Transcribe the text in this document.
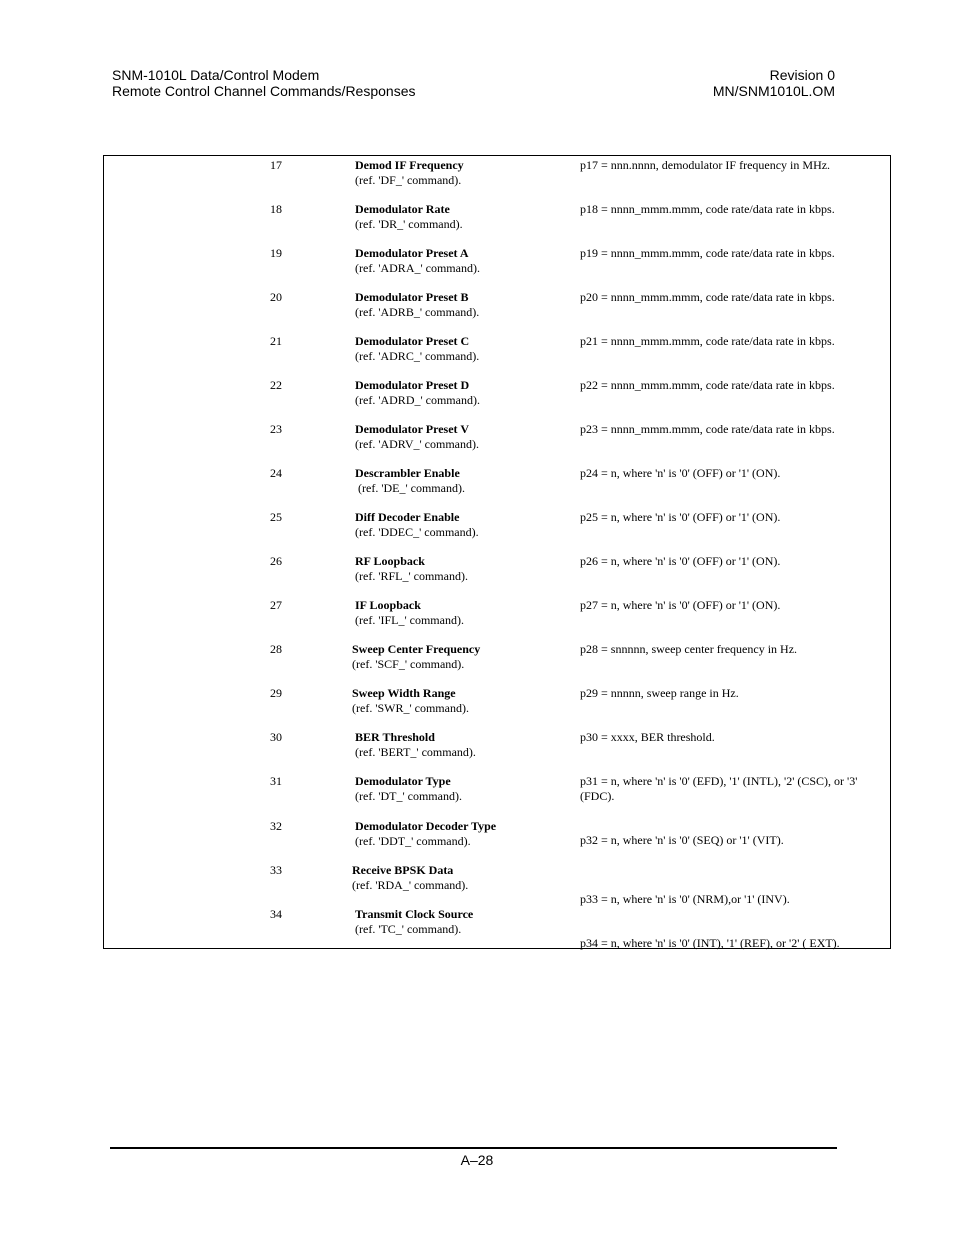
SNM-1010L Data/Control Modem
Remote Control Channel Commands/Responses
Revision 0
MN/SNM1010L.OM
17	Demod IF Frequency
(ref. 'DF_' command).
p17 = nnn.nnnn, demodulator IF frequency in MHz.
18	Demodulator Rate
(ref. 'DR_' command).
p18 = nnnn_mmm.mmm, code rate/data rate in kbps.
19	Demodulator Preset A
(ref. 'ADRA_' command).
p19 = nnnn_mmm.mmm, code rate/data rate in kbps.
20	Demodulator Preset B
(ref. 'ADRB_' command).
p20 = nnnn_mmm.mmm, code rate/data rate in kbps.
21	Demodulator Preset C
(ref. 'ADRC_' command).
p21 = nnnn_mmm.mmm, code rate/data rate in kbps.
22	Demodulator Preset D
(ref. 'ADRD_' command).
p22 = nnnn_mmm.mmm, code rate/data rate in kbps.
23	Demodulator Preset V
(ref. 'ADRV_' command).
p23 = nnnn_mmm.mmm, code rate/data rate in kbps.
24	Descrambler Enable
(ref. 'DE_' command).
p24 = n, where 'n' is '0' (OFF) or '1' (ON).
25	Diff Decoder Enable
(ref. 'DDEC_' command).
p25 = n, where 'n' is '0' (OFF) or '1' (ON).
26	RF Loopback
(ref. 'RFL_' command).
p26 = n, where 'n' is '0' (OFF) or '1' (ON).
27	IF Loopback
(ref. 'IFL_' command).
p27 = n, where 'n' is '0' (OFF) or '1' (ON).
28	Sweep Center Frequency
(ref. 'SCF_' command).
p28 = snnnnn, sweep center frequency in Hz.
29	Sweep Width Range
(ref. 'SWR_' command).
p29 = nnnnn, sweep range in Hz.
30	BER Threshold
(ref. 'BERT_' command).
p30 = xxxx, BER threshold.
31	Demodulator Type
(ref. 'DT_' command).
p31 = n, where 'n' is '0' (EFD), '1' (INTL), '2' (CSC), or '3' (FDC).
32	Demodulator Decoder Type
(ref. 'DDT_' command).	p32 = n, where 'n' is '0' (SEQ) or '1' (VIT).
33	Receive BPSK Data
(ref. 'RDA_' command).
p33 = n, where 'n' is '0' (NRM),or '1' (INV).
34	Transmit Clock Source
(ref. 'TC_' command).
p34 = n, where 'n' is '0' (INT), '1' (REF), or '2' ( EXT).
A–28
